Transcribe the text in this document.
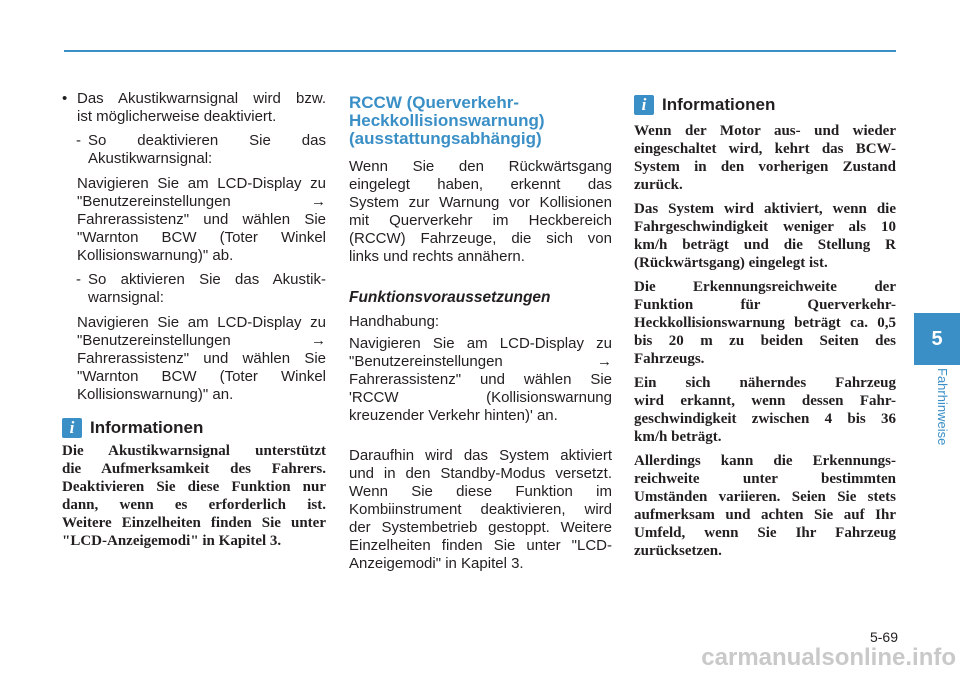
5
Fahrhinweise
• Das Akustikwarnsignal wird bzw.
ist möglicherweise deaktiviert.
- So deaktivieren Sie das
Akustikwarnsignal:
Navigieren Sie am LCD-Display zu
"Benutzereinstellungen →
Fahrerassistenz" und wählen Sie
"Warnton BCW (Toter Winkel
Kollisionswarnung)" ab.
- So aktivieren Sie das Akustik-
warnsignal:
Navigieren Sie am LCD-Display zu
"Benutzereinstellungen →
Fahrerassistenz" und wählen Sie
"Warnton BCW (Toter Winkel
Kollisionswarnung)" an.
i Informationen
Die Akustikwarnsignal unterstützt
die Aufmerksamkeit des Fahrers.
Deaktivieren Sie diese Funktion nur
dann, wenn es erforderlich ist.
Weitere Einzelheiten finden Sie unter
"LCD-Anzeigemodi" in Kapitel 3.
RCCW (Querverkehr-
Heckkollisionswarnung)
(ausstattungsabhängig)
Wenn Sie den Rückwärtsgang
eingelegt haben, erkennt das
System zur Warnung vor Kollisionen
mit Querverkehr im Heckbereich
(RCCW) Fahrzeuge, die sich von
links und rechts annähern.
Funktionsvoraussetzungen
Handhabung:
Navigieren Sie am LCD-Display zu
"Benutzereinstellungen →
Fahrerassistenz" und wählen Sie
'RCCW (Kollisionswarnung
kreuzender Verkehr hinten)' an.
Daraufhin wird das System aktiviert
und in den Standby-Modus versetzt.
Wenn Sie diese Funktion im
Kombiinstrument deaktivieren, wird
der Systembetrieb gestoppt. Weitere
Einzelheiten finden Sie unter "LCD-
Anzeigemodi" in Kapitel 3.
i Informationen
Wenn der Motor aus- und wieder
eingeschaltet wird, kehrt das BCW-
System in den vorherigen Zustand
zurück.
Das System wird aktiviert, wenn die
Fahrgeschwindigkeit weniger als 10
km/h beträgt und die Stellung R
(Rückwärtsgang) eingelegt ist.
Die Erkennungsreichweite der
Funktion für Querverkehr-
Heckkollisionswarnung beträgt ca. 0,5
bis 20 m zu beiden Seiten des
Fahrzeugs.
Ein sich näherndes Fahrzeug
wird erkannt, wenn dessen Fahr-
geschwindigkeit zwischen 4 bis 36
km/h beträgt.
Allerdings kann die Erkennungs-
reichweite unter bestimmten
Umständen variieren. Seien Sie stets
aufmerksam und achten Sie auf Ihr
Umfeld, wenn Sie Ihr Fahrzeug
zurücksetzen.
5-69
carmanualsonline.info
